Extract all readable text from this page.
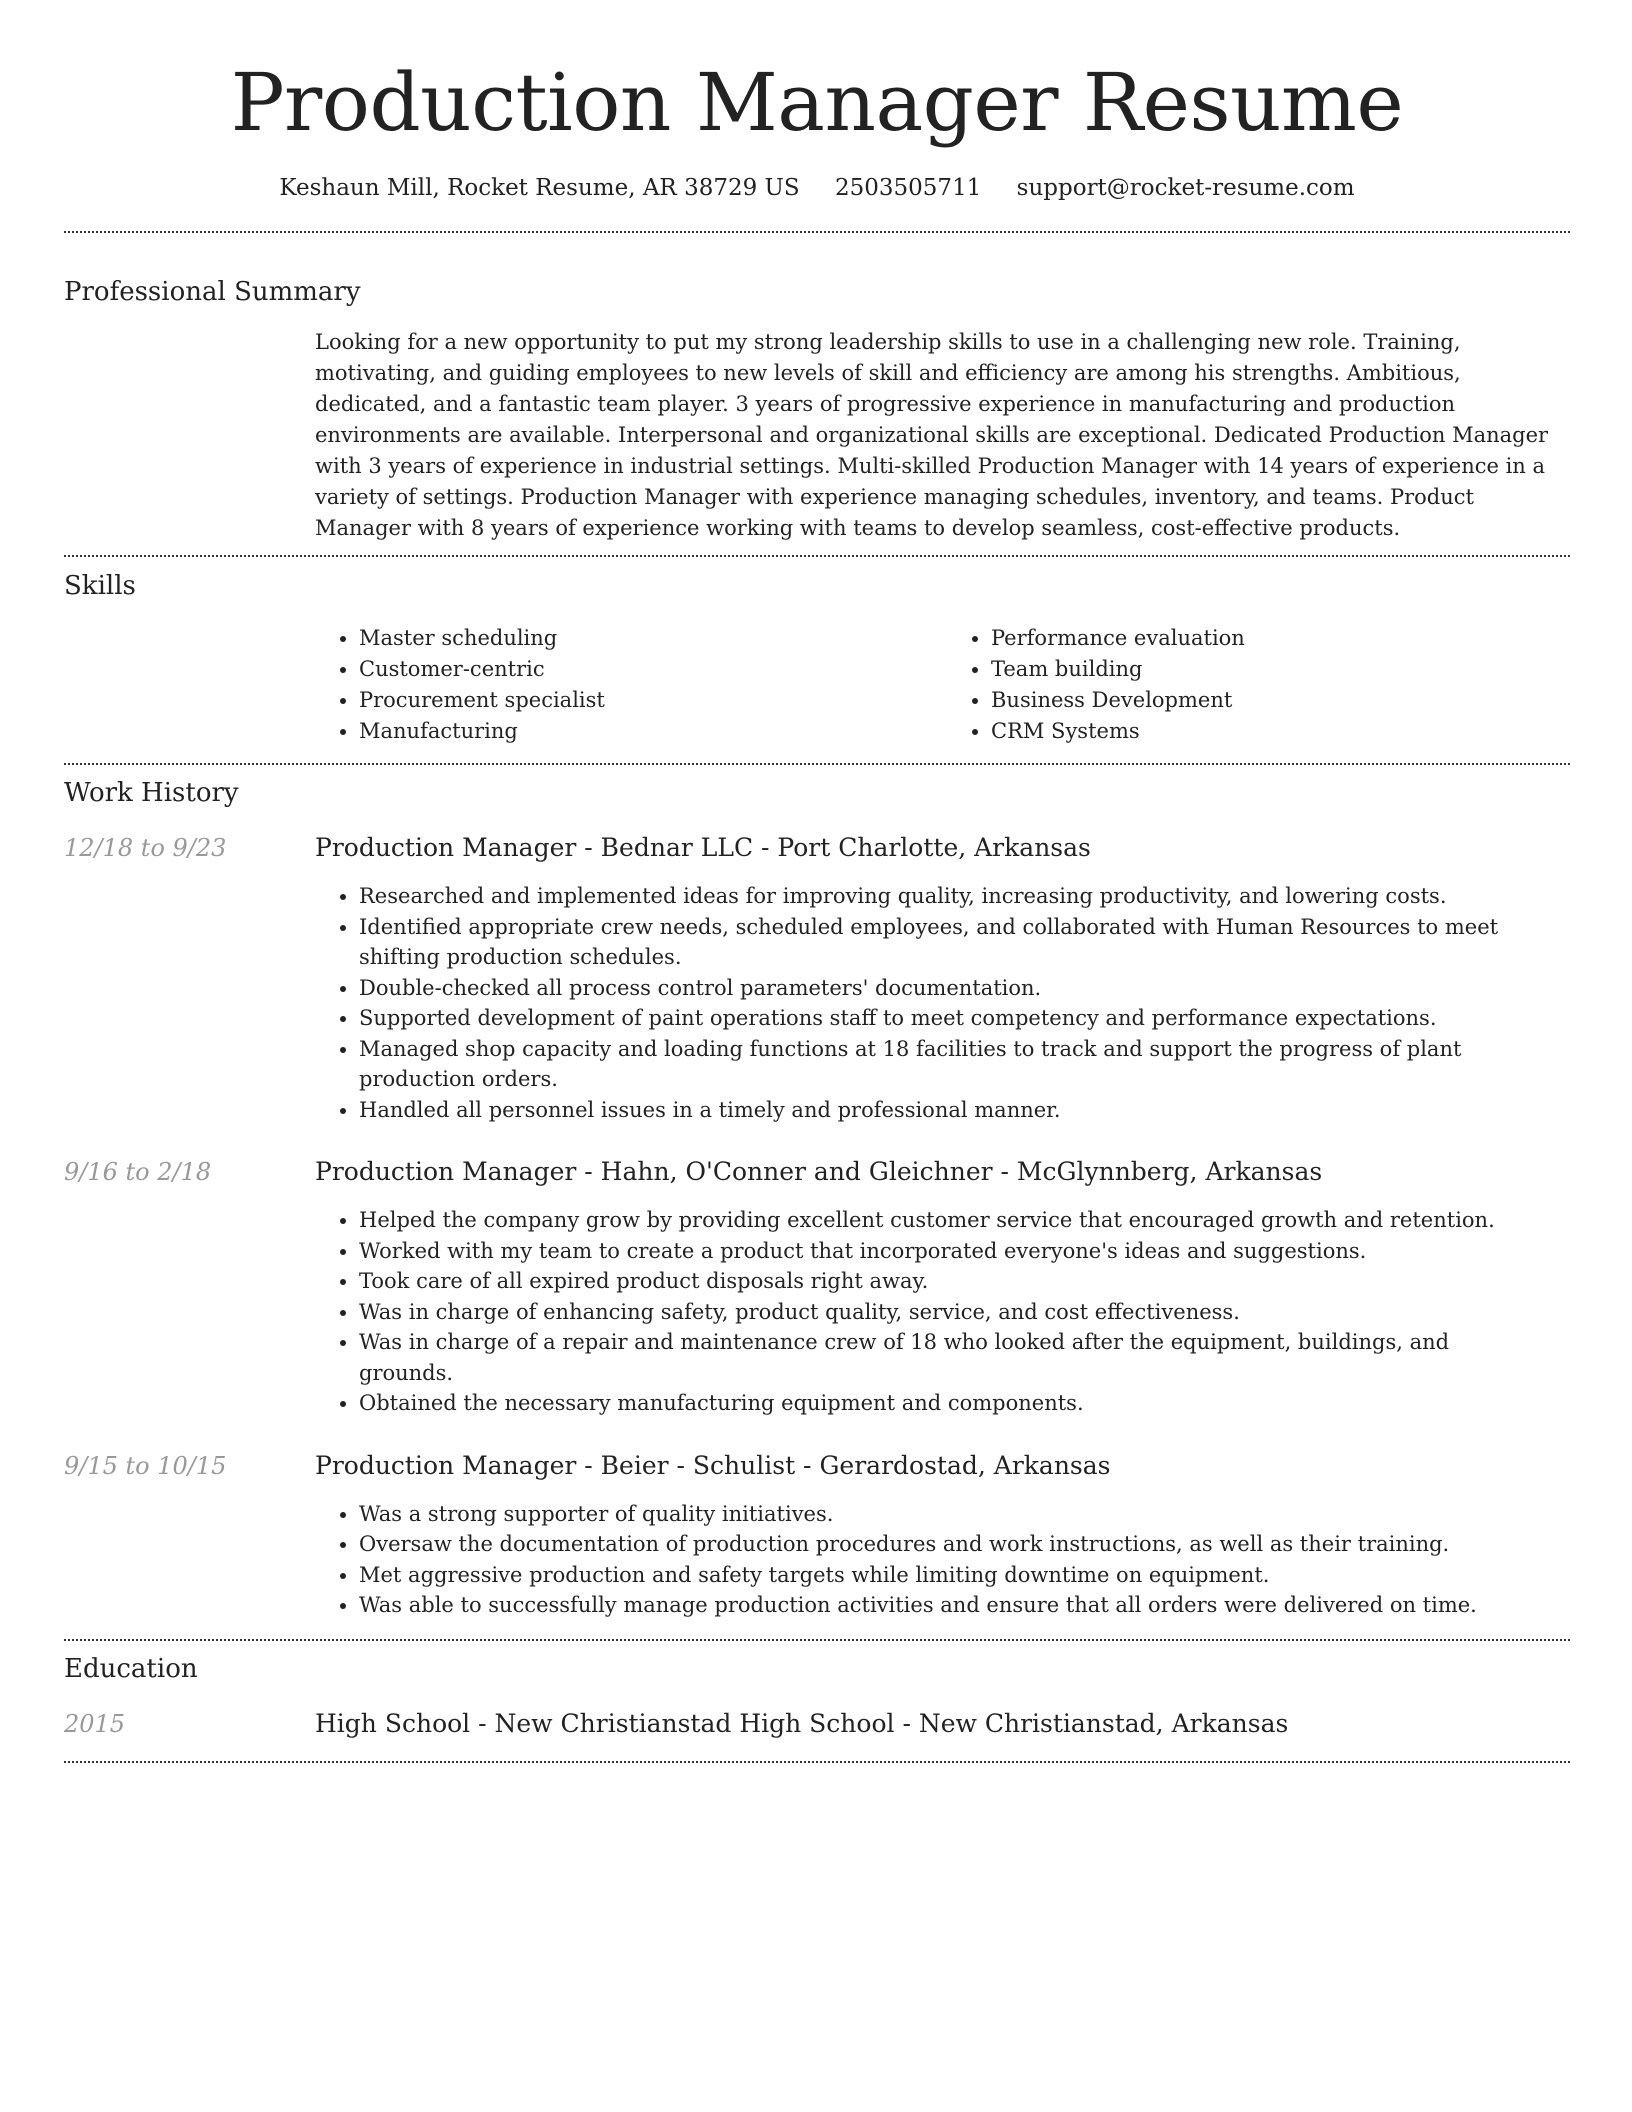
Production Manager Resume
Keshaun Mill, Rocket Resume, AR 38729 US 2503505711 support@rocket-resume.com
Professional Summary

Looking for a new opportunity to put my strong leadership skills to use in a challenging new role. Training, motivating, and guiding employees to new levels of skill and efficiency are among his strengths. Ambitious, dedicated, and a fantastic team player. 3 years of progressive experience in manufacturing and production environments are available. Interpersonal and organizational skills are exceptional. Dedicated Production Manager with 3 years of experience in industrial settings. Multi-skilled Production Manager with 14 years of experience in a variety of settings. Production Manager with experience managing schedules, inventory, and teams. Product Manager with 8 years of experience working with teams to develop seamless, cost-effective products.

Skills
• Master scheduling
• Customer-centric
• Procurement specialist
• Manufacturing
• Performance evaluation
• Team building
• Business Development
• CRM Systems
Work History
12/18 to 9/23	Production Manager - Bednar LLC - Port Charlotte, Arkansas
• Researched and implemented ideas for improving quality, increasing productivity, and lowering costs.
• Identified appropriate crew needs, scheduled employees, and collaborated with Human Resources to meet shifting production schedules.
• Double-checked all process control parameters' documentation.
• Supported development of paint operations staff to meet competency and performance expectations.
• Managed shop capacity and loading functions at 18 facilities to track and support the progress of plant production orders.
• Handled all personnel issues in a timely and professional manner.
9/16 to 2/18	Production Manager - Hahn, O'Conner and Gleichner - McGlynnberg, Arkansas
• Helped the company grow by providing excellent customer service that encouraged growth and retention.
• Worked with my team to create a product that incorporated everyone's ideas and suggestions.
• Took care of all expired product disposals right away.
• Was in charge of enhancing safety, product quality, service, and cost effectiveness.
• Was in charge of a repair and maintenance crew of 18 who looked after the equipment, buildings, and grounds.
• Obtained the necessary manufacturing equipment and components.
9/15 to 10/15	Production Manager - Beier - Schulist - Gerardostad, Arkansas
• Was a strong supporter of quality initiatives.
• Oversaw the documentation of production procedures and work instructions, as well as their training.
• Met aggressive production and safety targets while limiting downtime on equipment.
• Was able to successfully manage production activities and ensure that all orders were delivered on time.
Education
2015	High School - New Christianstad High School - New Christianstad, Arkansas
